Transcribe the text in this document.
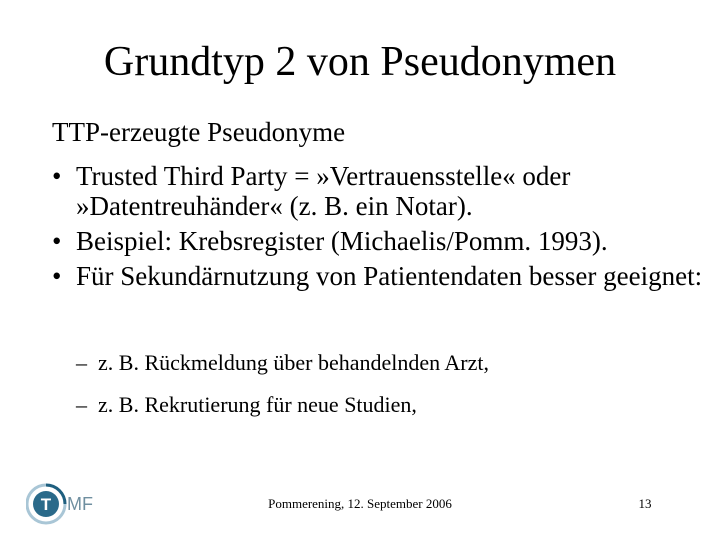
Grundtyp 2 von Pseudonymen
TTP-erzeugte Pseudonyme
• Trusted Third Party = »Vertrauensstelle« oder »Datentreuhänder« (z. B. ein Notar).
• Beispiel: Krebsregister (Michaelis/Pomm. 1993).
• Für Sekundärnutzung von Patientendaten besser geeignet:
– z. B. Rückmeldung über behandelnden Arzt,
– z. B. Rekrutierung für neue Studien,
T MF	Pommerening, 12. September 2006	13
